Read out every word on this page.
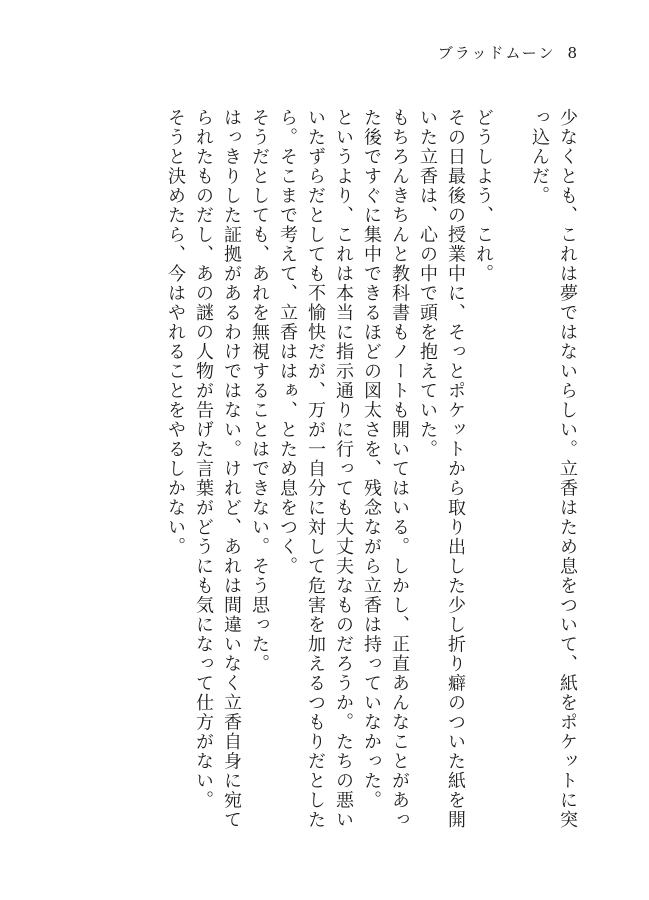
ブラッドムーン 8

少なくとも、これは夢ではないらしい。立香はため息をついて、紙をポケットに突っ込んだ。

どうしよう、これ。

その日最後の授業中に、そっとポケットから取り出した少し折り癖のついた紙を開いた立香は、心の中で頭を抱えていた。

もちろんきちんと教科書もノートも開いてはいる。しかし、正直あんなことがあった後ですぐに集中できるほどの図太さを、残念ながら立香は持っていなかった。

というより、これは本当に指示通りに行っても大丈夫なものだろうか。たちの悪いいたずらだとしても不愉快だが、万が一自分に対して危害を加えるつもりだとしたら。そこまで考えて、立香ははぁ、とため息をつく。

そうだとしても、あれを無視することはできない。そう思った。

はっきりした証拠があるわけではない。けれど、あれは間違いなく立香自身に宛てられたものだし、あの謎の人物が告げた言葉がどうにも気になって仕方がない。

そうと決めたら、今はやれることをやるしかない。
